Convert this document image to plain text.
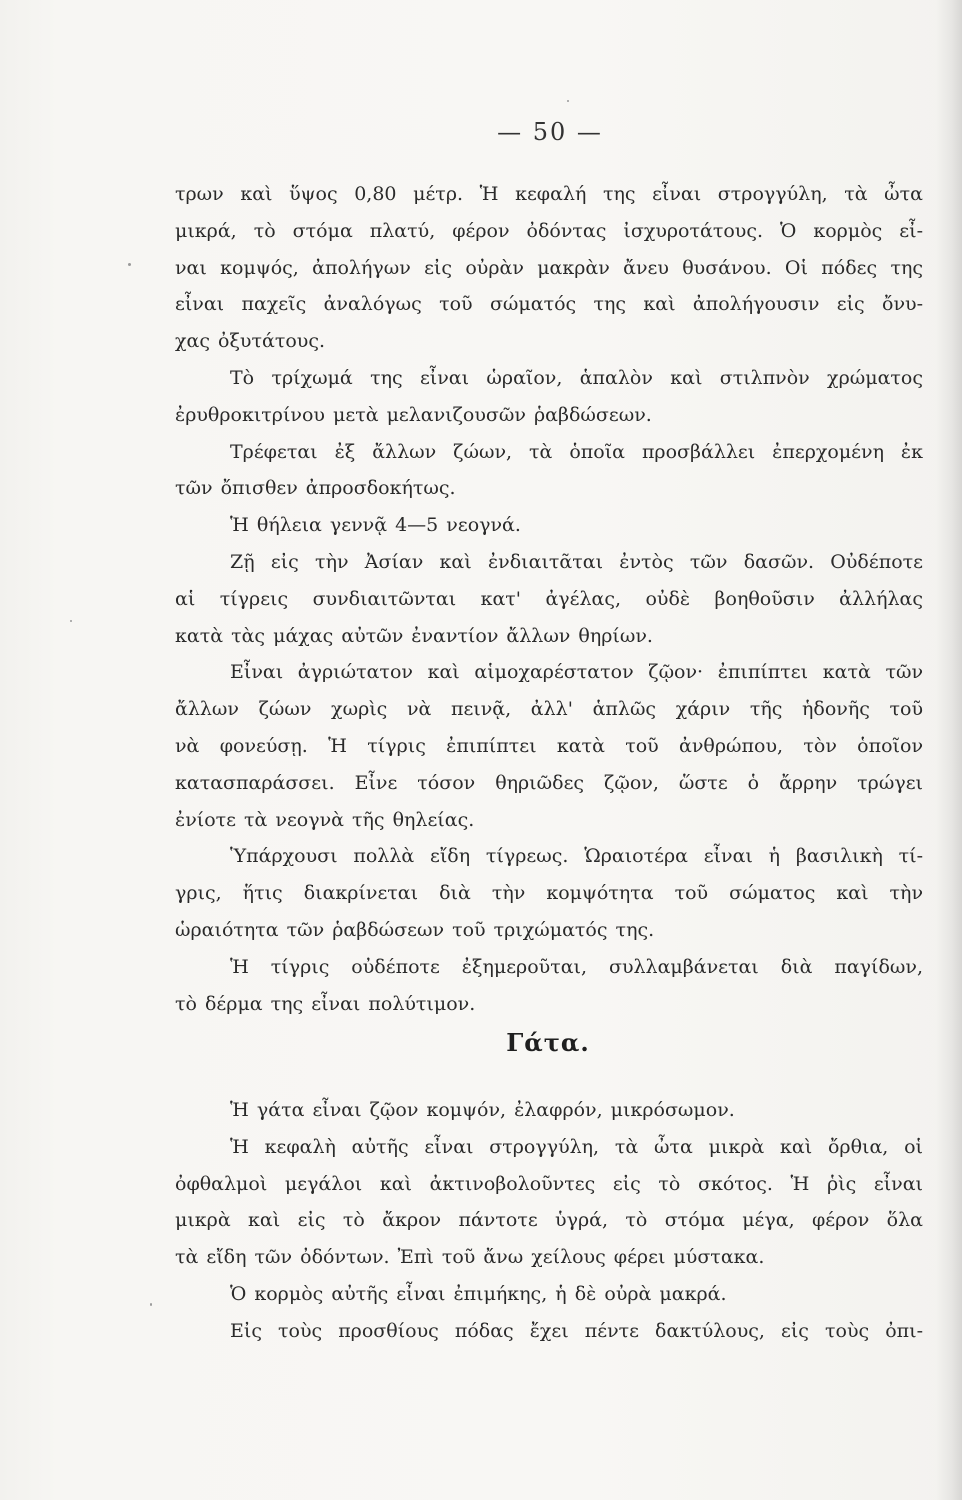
— 50 —
τρων καὶ ὕψος 0,80 μέτρ. Ἡ κεφαλή της εἶναι στρογγύλη, τὰ ὦτα
μικρά, τὸ στόμα πλατύ, φέρον ὀδόντας ἰσχυροτάτους. Ὁ κορμὸς εἶ-
ναι κομψός, ἀπολήγων εἰς οὐρὰν μακρὰν ἄνευ θυσάνου. Οἱ πόδες της
εἶναι παχεῖς ἀναλόγως τοῦ σώματός της καὶ ἀπολήγουσιν εἰς ὄνυ-
χας ὀξυτάτους.
Τὸ τρίχωμά της εἶναι ὡραῖον, ἁπαλὸν καὶ στιλπνὸν χρώματος
ἐρυθροκιτρίνου μετὰ μελανιζουσῶν ῥαβδώσεων.
Τρέφεται ἐξ ἄλλων ζώων, τὰ ὁποῖα προσβάλλει ἐπερχομένη ἐκ
τῶν ὄπισθεν ἀπροσδοκήτως.
Ἡ θήλεια γεννᾷ 4—5 νεογνά.
Ζῇ εἰς τὴν Ἀσίαν καὶ ἐνδιαιτᾶται ἐντὸς τῶν δασῶν. Οὐδέποτε
αἱ τίγρεις συνδιαιτῶνται κατ' ἀγέλας, οὐδὲ βοηθοῦσιν ἀλλήλας
κατὰ τὰς μάχας αὐτῶν ἐναντίον ἄλλων θηρίων.
Εἶναι ἀγριώτατον καὶ αἱμοχαρέστατον ζῷον· ἐπιπίπτει κατὰ τῶν
ἄλλων ζώων χωρὶς νὰ πεινᾷ, ἀλλ' ἁπλῶς χάριν τῆς ἡδονῆς τοῦ
νὰ φονεύσῃ. Ἡ τίγρις ἐπιπίπτει κατὰ τοῦ ἀνθρώπου, τὸν ὁποῖον
κατασπαράσσει. Εἶνε τόσον θηριῶδες ζῷον, ὥστε ὁ ἄρρην τρώγει
ἐνίοτε τὰ νεογνὰ τῆς θηλείας.
Ὑπάρχουσι πολλὰ εἴδη τίγρεως. Ὡραιοτέρα εἶναι ἡ βασιλικὴ τί-
γρις, ἥτις διακρίνεται διὰ τὴν κομψότητα τοῦ σώματος καὶ τὴν
ὡραιότητα τῶν ῥαβδώσεων τοῦ τριχώματός της.
Ἡ τίγρις οὐδέποτε ἐξημεροῦται, συλλαμβάνεται διὰ παγίδων,
τὸ δέρμα της εἶναι πολύτιμον.
Γάτα.
Ἡ γάτα εἶναι ζῷον κομψόν, ἐλαφρόν, μικρόσωμον.
Ἡ κεφαλὴ αὐτῆς εἶναι στρογγύλη, τὰ ὦτα μικρὰ καὶ ὄρθια, οἱ
ὀφθαλμοὶ μεγάλοι καὶ ἀκτινοβολοῦντες εἰς τὸ σκότος. Ἡ ῥὶς εἶναι
μικρὰ καὶ εἰς τὸ ἄκρον πάντοτε ὑγρά, τὸ στόμα μέγα, φέρον ὅλα
τὰ εἴδη τῶν ὀδόντων. Ἐπὶ τοῦ ἄνω χείλους φέρει μύστακα.
Ὁ κορμὸς αὐτῆς εἶναι ἐπιμήκης, ἡ δὲ οὐρὰ μακρά.
Εἰς τοὺς προσθίους πόδας ἔχει πέντε δακτύλους, εἰς τοὺς ὀπι-
